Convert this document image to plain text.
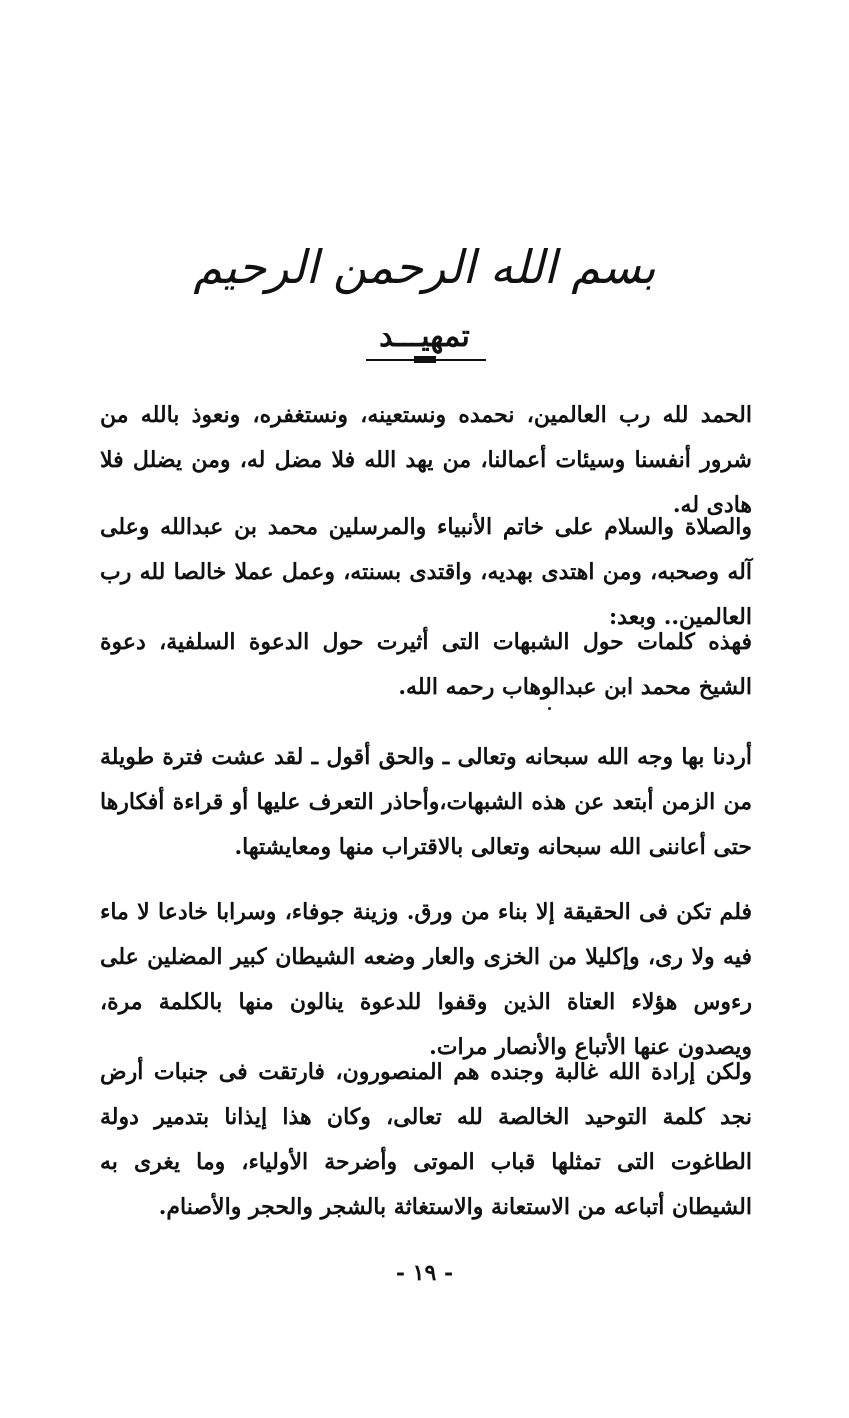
بسم الله الرحمن الرحيم
تمهيـــد

الحمد لله رب العالمين، نحمده ونستعينه، ونستغفره، ونعوذ بالله من شرور أنفسنا وسيئات أعمالنا، من يهد الله فلا مضل له، ومن يضلل فلا هادى له.

والصلاة والسلام على خاتم الأنبياء والمرسلين محمد بن عبدالله وعلى آله وصحبه، ومن اهتدى بهديه، واقتدى بسنته، وعمل عملا خالصا لله رب العالمين.. وبعد:

فهذه كلمات حول الشبهات التى أثيرت حول الدعوة السلفية، دعوة الشيخ محمد ابن عبدالوهاب رحمه الله.

أردنا بها وجه الله سبحانه وتعالى ـ والحق أقول ـ لقد عشت فترة طويلة من الزمن أبتعد عن هذه الشبهات،وأحاذر التعرف عليها أو قراءة أفكارها حتى أعاننى الله سبحانه وتعالى بالاقتراب منها ومعايشتها.

فلم تكن فى الحقيقة إلا بناء من ورق. وزينة جوفاء، وسرابا خادعا لا ماء فيه ولا رى، وإكليلا من الخزى والعار وضعه الشيطان كبير المضلين على رءوس هؤلاء العتاة الذين وقفوا للدعوة ينالون منها بالكلمة مرة، ويصدون عنها الأتباع والأنصار مرات.

ولكن إرادة الله غالبة وجنده هم المنصورون، فارتقت فى جنبات أرض نجد كلمة التوحيد الخالصة لله تعالى، وكان هذا إيذانا بتدمير دولة الطاغوت التى تمثلها قباب الموتى وأضرحة الأولياء، وما يغرى به الشيطان أتباعه من الاستعانة والاستغاثة بالشجر والحجر والأصنام.

- ١٩ -
